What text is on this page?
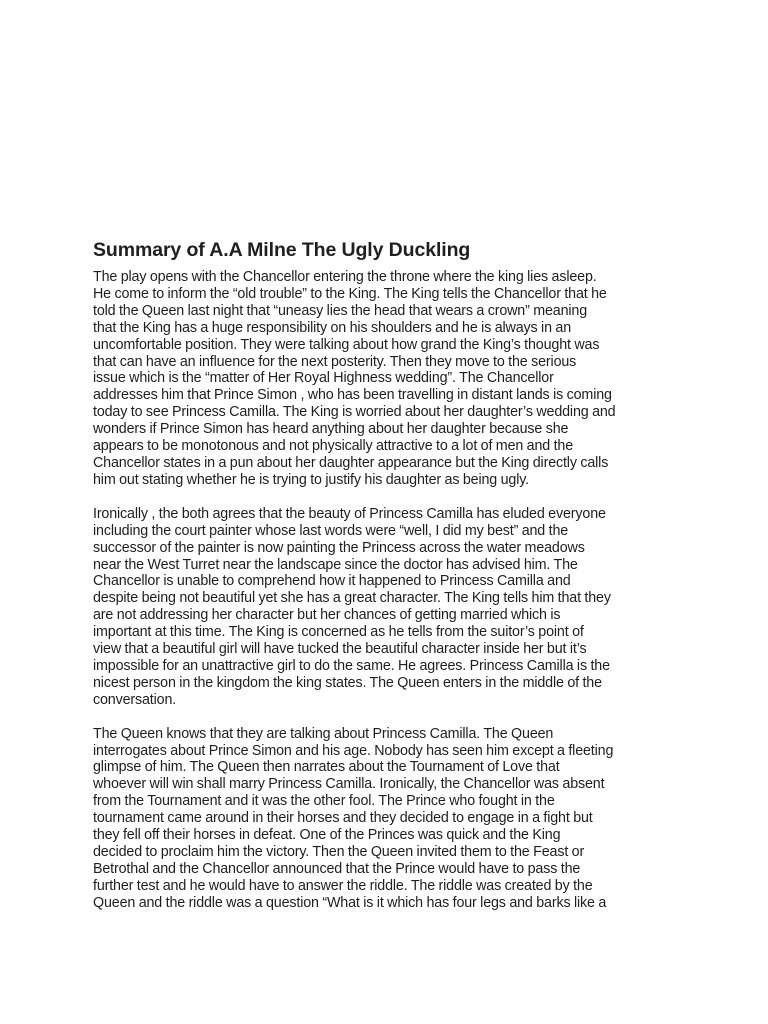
Summary of A.A Milne The Ugly Duckling

The play opens with the Chancellor entering the throne where the king lies asleep.
He come to inform the “old trouble” to the King. The King tells the Chancellor that he
told the Queen last night that “uneasy lies the head that wears a crown” meaning
that the King has a huge responsibility on his shoulders and he is always in an
uncomfortable position. They were talking about how grand the King’s thought was
that can have an influence for the next posterity. Then they move to the serious
issue which is the “matter of Her Royal Highness wedding”. The Chancellor
addresses him that Prince Simon , who has been travelling in distant lands is coming
today to see Princess Camilla. The King is worried about her daughter’s wedding and
wonders if Prince Simon has heard anything about her daughter because she
appears to be monotonous and not physically attractive to a lot of men and the
Chancellor states in a pun about her daughter appearance but the King directly calls
him out stating whether he is trying to justify his daughter as being ugly.

Ironically , the both agrees that the beauty of Princess Camilla has eluded everyone
including the court painter whose last words were “well, I did my best” and the
successor of the painter is now painting the Princess across the water meadows
near the West Turret near the landscape since the doctor has advised him. The
Chancellor is unable to comprehend how it happened to Princess Camilla and
despite being not beautiful yet she has a great character. The King tells him that they
are not addressing her character but her chances of getting married which is
important at this time. The King is concerned as he tells from the suitor’s point of
view that a beautiful girl will have tucked the beautiful character inside her but it’s
impossible for an unattractive girl to do the same. He agrees. Princess Camilla is the
nicest person in the kingdom the king states. The Queen enters in the middle of the
conversation.

The Queen knows that they are talking about Princess Camilla. The Queen
interrogates about Prince Simon and his age. Nobody has seen him except a fleeting
glimpse of him. The Queen then narrates about the Tournament of Love that
whoever will win shall marry Princess Camilla. Ironically, the Chancellor was absent
from the Tournament and it was the other fool. The Prince who fought in the
tournament came around in their horses and they decided to engage in a fight but
they fell off their horses in defeat. One of the Princes was quick and the King
decided to proclaim him the victory. Then the Queen invited them to the Feast or
Betrothal and the Chancellor announced that the Prince would have to pass the
further test and he would have to answer the riddle. The riddle was created by the
Queen and the riddle was a question “What is it which has four legs and barks like a
